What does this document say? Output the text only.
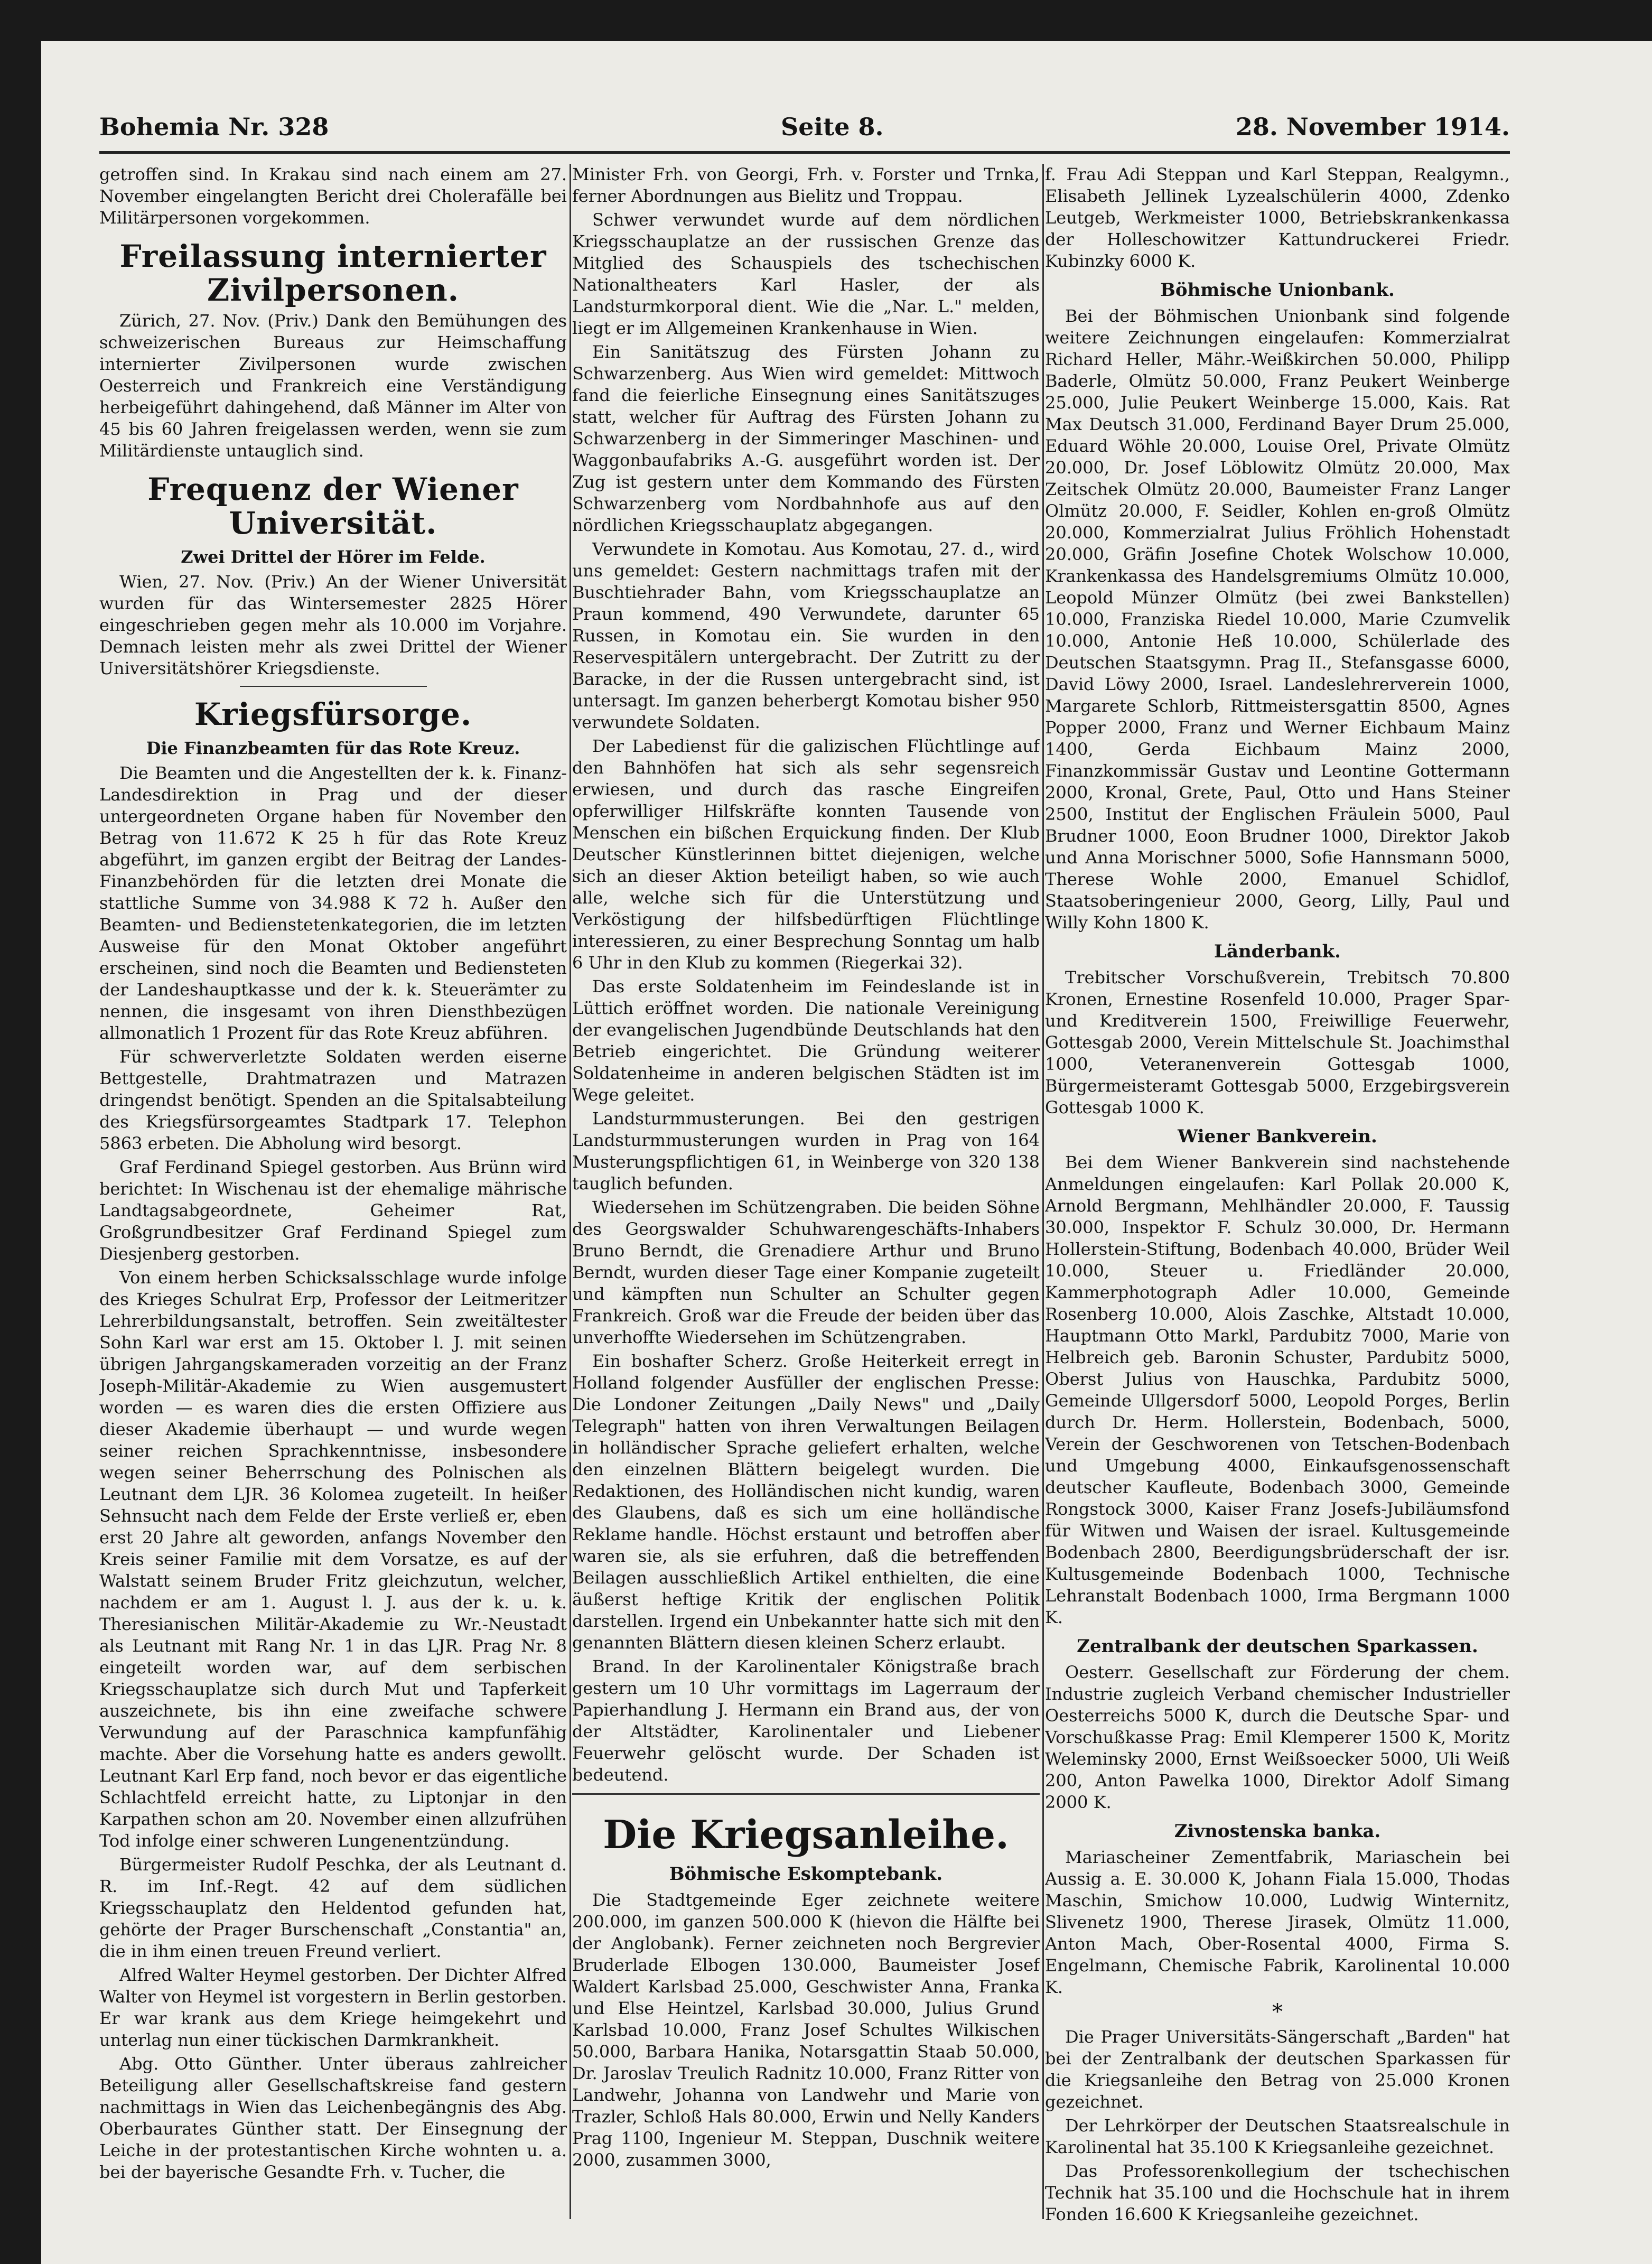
Bohemia Nr. 328	Seite 8.	28. November 1914.

getroffen sind. In Krakau sind nach einem am 27. November eingelangten Bericht drei Cholerafälle bei Militärpersonen vorgekommen.

Freilassung internierter Zivilpersonen.

Zürich, 27. Nov. (Priv.) Dank den Bemühungen des schweizerischen Bureaus zur Heimschaffung internierter Zivilpersonen wurde zwischen Oesterreich und Frankreich eine Verständigung herbeigeführt dahingehend, daß Männer im Alter von 45 bis 60 Jahren freigelassen werden, wenn sie zum Militärdienste untauglich sind.

Frequenz der Wiener Universität.
Zwei Drittel der Hörer im Felde.

Wien, 27. Nov. (Priv.) An der Wiener Universität wurden für das Wintersemester 2825 Hörer eingeschrieben gegen mehr als 10.000 im Vorjahre. Demnach leisten mehr als zwei Drittel der Wiener Universitätshörer Kriegsdienste.

Kriegsfürsorge.
Die Finanzbeamten für das Rote Kreuz.

Die Beamten und die Angestellten der k. k. Finanz-Landesdirektion in Prag und der dieser untergeordneten Organe haben für November den Betrag von 11.672 K 25 h für das Rote Kreuz abgeführt, im ganzen ergibt der Beitrag der Landes-Finanzbehörden für die letzten drei Monate die stattliche Summe von 34.988 K 72 h. Außer den Beamten- und Bedienstetenkategorien, die im letzten Ausweise für den Monat Oktober angeführt erscheinen, sind noch die Beamten und Bediensteten der Landeshauptkasse und der k. k. Steuerämter zu nennen, die insgesamt von ihren Diensthbezügen allmonatlich 1 Prozent für das Rote Kreuz abführen.

Für schwerverletzte Soldaten werden eiserne Bettgestelle, Drahtmatrazen und Matrazen dringendst benötigt. Spenden an die Spitalsabteilung des Kriegsfürsorgeamtes Stadtpark 17. Telephon 5863 erbeten. Die Abholung wird besorgt.

Graf Ferdinand Spiegel gestorben. Aus Brünn wird berichtet: In Wischenau ist der ehemalige mährische Landtagsabgeordnete, Geheimer Rat, Großgrundbesitzer Graf Ferdinand Spiegel zum Diesjenberg gestorben.

Von einem herben Schicksalsschlage wurde infolge des Krieges Schulrat Erp, Professor der Leitmeritzer Lehrerbildungsanstalt, betroffen. Sein zweitältester Sohn Karl war erst am 15. Oktober l. J. mit seinen übrigen Jahrgangskameraden vorzeitig an der Franz Joseph-Militär-Akademie zu Wien ausgemustert worden — es waren dies die ersten Offiziere aus dieser Akademie überhaupt — und wurde wegen seiner reichen Sprachkenntnisse, insbesondere wegen seiner Beherrschung des Polnischen als Leutnant dem LJR. 36 Kolomea zugeteilt. In heißer Sehnsucht nach dem Felde der Erste verließ er, eben erst 20 Jahre alt geworden, anfangs November den Kreis seiner Familie mit dem Vorsatze, es auf der Walstatt seinem Bruder Fritz gleichzutun, welcher, nachdem er am 1. August l. J. aus der k. u. k. Theresianischen Militär-Akademie zu Wr.-Neustadt als Leutnant mit Rang Nr. 1 in das LJR. Prag Nr. 8 eingeteilt worden war, auf dem serbischen Kriegsschauplatze sich durch Mut und Tapferkeit auszeichnete, bis ihn eine zweifache schwere Verwundung auf der Paraschnica kampfunfähig machte. Aber die Vorsehung hatte es anders gewollt. Leutnant Karl Erp fand, noch bevor er das eigentliche Schlachtfeld erreicht hatte, zu Liptonjar in den Karpathen schon am 20. November einen allzufrühen Tod infolge einer schweren Lungenentzündung.

Bürgermeister Rudolf Peschka, der als Leutnant d. R. im Inf.-Regt. 42 auf dem südlichen Kriegsschauplatz den Heldentod gefunden hat, gehörte der Prager Burschenschaft „Constantia" an, die in ihm einen treuen Freund verliert.

Alfred Walter Heymel gestorben. Der Dichter Alfred Walter von Heymel ist vorgestern in Berlin gestorben. Er war krank aus dem Kriege heimgekehrt und unterlag nun einer tückischen Darmkrankheit.

Abg. Otto Günther. Unter überaus zahlreicher Beteiligung aller Gesellschaftskreise fand gestern nachmittags in Wien das Leichenbegängnis des Abg. Oberbaurates Günther statt. Der Einsegnung der Leiche in der protestantischen Kirche wohnten u. a. bei der bayerische Gesandte Frh. v. Tucher, die

Minister Frh. von Georgi, Frh. v. Forster und Trnka, ferner Abordnungen aus Bielitz und Troppau.

Schwer verwundet wurde auf dem nördlichen Kriegsschauplatze an der russischen Grenze das Mitglied des Schauspiels des tschechischen Nationaltheaters Karl Hasler, der als Landsturmkorporal dient. Wie die „Nar. L." melden, liegt er im Allgemeinen Krankenhause in Wien.

Ein Sanitätszug des Fürsten Johann zu Schwarzenberg. Aus Wien wird gemeldet: Mittwoch fand die feierliche Einsegnung eines Sanitätszuges statt, welcher für Auftrag des Fürsten Johann zu Schwarzenberg in der Simmeringer Maschinen- und Waggonbaufabriks A.-G. ausgeführt worden ist. Der Zug ist gestern unter dem Kommando des Fürsten Schwarzenberg vom Nordbahnhofe aus auf den nördlichen Kriegsschauplatz abgegangen.

Verwundete in Komotau. Aus Komotau, 27. d., wird uns gemeldet: Gestern nachmittags trafen mit der Buschtiehrader Bahn, vom Kriegsschauplatze an Praun kommend, 490 Verwundete, darunter 65 Russen, in Komotau ein. Sie wurden in den Reservespitälern untergebracht. Der Zutritt zu der Baracke, in der die Russen untergebracht sind, ist untersagt. Im ganzen beherbergt Komotau bisher 950 verwundete Soldaten.

Der Labedienst für die galizischen Flüchtlinge auf den Bahnhöfen hat sich als sehr segensreich erwiesen, und durch das rasche Eingreifen opferwilliger Hilfskräfte konnten Tausende von Menschen ein bißchen Erquickung finden. Der Klub Deutscher Künstlerinnen bittet diejenigen, welche sich an dieser Aktion beteiligt haben, so wie auch alle, welche sich für die Unterstützung und Verköstigung der hilfsbedürftigen Flüchtlinge interessieren, zu einer Besprechung Sonntag um halb 6 Uhr in den Klub zu kommen (Riegerkai 32).

Das erste Soldatenheim im Feindeslande ist in Lüttich eröffnet worden. Die nationale Vereinigung der evangelischen Jugendbünde Deutschlands hat den Betrieb eingerichtet. Die Gründung weiterer Soldatenheime in anderen belgischen Städten ist im Wege geleitet.

Landsturmmusterungen. Bei den gestrigen Landsturmmusterungen wurden in Prag von 164 Musterungspflichtigen 61, in Weinberge von 320 138 tauglich befunden.

Wiedersehen im Schützengraben. Die beiden Söhne des Georgswalder Schuhwarengeschäfts-Inhabers Bruno Berndt, die Grenadiere Arthur und Bruno Berndt, wurden dieser Tage einer Kompanie zugeteilt und kämpften nun Schulter an Schulter gegen Frankreich. Groß war die Freude der beiden über das unverhoffte Wiedersehen im Schützengraben.

Ein boshafter Scherz. Große Heiterkeit erregt in Holland folgender Ausfüller der englischen Presse: Die Londoner Zeitungen „Daily News" und „Daily Telegraph" hatten von ihren Verwaltungen Beilagen in holländischer Sprache geliefert erhalten, welche den einzelnen Blättern beigelegt wurden. Die Redaktionen, des Holländischen nicht kundig, waren des Glaubens, daß es sich um eine holländische Reklame handle. Höchst erstaunt und betroffen aber waren sie, als sie erfuhren, daß die betreffenden Beilagen ausschließlich Artikel enthielten, die eine äußerst heftige Kritik der englischen Politik darstellen. Irgend ein Unbekannter hatte sich mit den genannten Blättern diesen kleinen Scherz erlaubt.

Brand. In der Karolinentaler Königstraße brach gestern um 10 Uhr vormittags im Lagerraum der Papierhandlung J. Hermann ein Brand aus, der von der Altstädter, Karolinentaler und Liebener Feuerwehr gelöscht wurde. Der Schaden ist bedeutend.

Die Kriegsanleihe.
Böhmische Eskomptebank.

Die Stadtgemeinde Eger zeichnete weitere 200.000, im ganzen 500.000 K (hievon die Hälfte bei der Anglobank). Ferner zeichneten noch Bergrevier Bruderlade Elbogen 130.000, Baumeister Josef Waldert Karlsbad 25.000, Geschwister Anna, Franka und Else Heintzel, Karlsbad 30.000, Julius Grund Karlsbad 10.000, Franz Josef Schultes Wilkischen 50.000, Barbara Hanika, Notarsgattin Staab 50.000, Dr. Jaroslav Treulich Radnitz 10.000, Franz Ritter von Landwehr, Johanna von Landwehr und Marie von Trazler, Schloß Hals 80.000, Erwin und Nelly Kanders Prag 1100, Ingenieur M. Steppan, Duschnik weitere 2000, zusammen 3000,

f. Frau Adi Steppan und Karl Steppan, Realgymn., Elisabeth Jellinek Lyzealschülerin 4000, Zdenko Leutgeb, Werkmeister 1000, Betriebskrankenkassa der Holleschowitzer Kattundruckerei Friedr. Kubinzky 6000 K.

Böhmische Unionbank.

Bei der Böhmischen Unionbank sind folgende weitere Zeichnungen eingelaufen: Kommerzialrat Richard Heller, Mähr.-Weißkirchen 50.000, Philipp Baderle, Olmütz 50.000, Franz Peukert Weinberge 25.000, Julie Peukert Weinberge 15.000, Kais. Rat Max Deutsch 31.000, Ferdinand Bayer Drum 25.000, Eduard Wöhle 20.000, Louise Orel, Private Olmütz 20.000, Dr. Josef Löblowitz Olmütz 20.000, Max Zeitschek Olmütz 20.000, Baumeister Franz Langer Olmütz 20.000, F. Seidler, Kohlen en-groß Olmütz 20.000, Kommerzialrat Julius Fröhlich Hohenstadt 20.000, Gräfin Josefine Chotek Wolschow 10.000, Krankenkassa des Handelsgremiums Olmütz 10.000, Leopold Münzer Olmütz (bei zwei Bankstellen) 10.000, Franziska Riedel 10.000, Marie Czumvelik 10.000, Antonie Heß 10.000, Schülerlade des Deutschen Staatsgymn. Prag II., Stefansgasse 6000, David Löwy 2000, Israel. Landeslehrerverein 1000, Margarete Schlorb, Rittmeistersgattin 8500, Agnes Popper 2000, Franz und Werner Eichbaum Mainz 1400, Gerda Eichbaum Mainz 2000, Finanzkommissär Gustav und Leontine Gottermann 2000, Kronal, Grete, Paul, Otto und Hans Steiner 2500, Institut der Englischen Fräulein 5000, Paul Brudner 1000, Eoon Brudner 1000, Direktor Jakob und Anna Morischner 5000, Sofie Hannsmann 5000, Therese Wohle 2000, Emanuel Schidlof, Staatsoberingenieur 2000, Georg, Lilly, Paul und Willy Kohn 1800 K.

Länderbank.

Trebitscher Vorschußverein, Trebitsch 70.800 Kronen, Ernestine Rosenfeld 10.000, Prager Spar- und Kreditverein 1500, Freiwillige Feuerwehr, Gottesgab 2000, Verein Mittelschule St. Joachimsthal 1000, Veteranenverein Gottesgab 1000, Bürgermeisteramt Gottesgab 5000, Erzgebirgsverein Gottesgab 1000 K.

Wiener Bankverein.

Bei dem Wiener Bankverein sind nachstehende Anmeldungen eingelaufen: Karl Pollak 20.000 K, Arnold Bergmann, Mehlhändler 20.000, F. Taussig 30.000, Inspektor F. Schulz 30.000, Dr. Hermann Hollerstein-Stiftung, Bodenbach 40.000, Brüder Weil 10.000, Steuer u. Friedländer 20.000, Kammerphotograph Adler 10.000, Gemeinde Rosenberg 10.000, Alois Zaschke, Altstadt 10.000, Hauptmann Otto Markl, Pardubitz 7000, Marie von Helbreich geb. Baronin Schuster, Pardubitz 5000, Oberst Julius von Hauschka, Pardubitz 5000, Gemeinde Ullgersdorf 5000, Leopold Porges, Berlin durch Dr. Herm. Hollerstein, Bodenbach, 5000, Verein der Geschworenen von Tetschen-Bodenbach und Umgebung 4000, Einkaufsgenossenschaft deutscher Kaufleute, Bodenbach 3000, Gemeinde Rongstock 3000, Kaiser Franz Josefs-Jubiläumsfond für Witwen und Waisen der israel. Kultusgemeinde Bodenbach 2800, Beerdigungsbrüderschaft der isr. Kultusgemeinde Bodenbach 1000, Technische Lehranstalt Bodenbach 1000, Irma Bergmann 1000 K.

Zentralbank der deutschen Sparkassen.

Oesterr. Gesellschaft zur Förderung der chem. Industrie zugleich Verband chemischer Industrieller Oesterreichs 5000 K, durch die Deutsche Spar- und Vorschußkasse Prag: Emil Klemperer 1500 K, Moritz Weleminsky 2000, Ernst Weißsoecker 5000, Uli Weiß 200, Anton Pawelka 1000, Direktor Adolf Simang 2000 K.

Zivnostenska banka.

Mariascheiner Zementfabrik, Mariaschein bei Aussig a. E. 30.000 K, Johann Fiala 15.000, Thodas Maschin, Smichow 10.000, Ludwig Winternitz, Slivenetz 1900, Therese Jirasek, Olmütz 11.000, Anton Mach, Ober-Rosental 4000, Firma S. Engelmann, Chemische Fabrik, Karolinental 10.000 K.

*

Die Prager Universitäts-Sängerschaft „Barden" hat bei der Zentralbank der deutschen Sparkassen für die Kriegsanleihe den Betrag von 25.000 Kronen gezeichnet.

Der Lehrkörper der Deutschen Staatsrealschule in Karolinental hat 35.100 K Kriegsanleihe gezeichnet.

Das Professorenkollegium der tschechischen Technik hat 35.100 und die Hochschule hat in ihrem Fonden 16.600 K Kriegsanleihe gezeichnet.
